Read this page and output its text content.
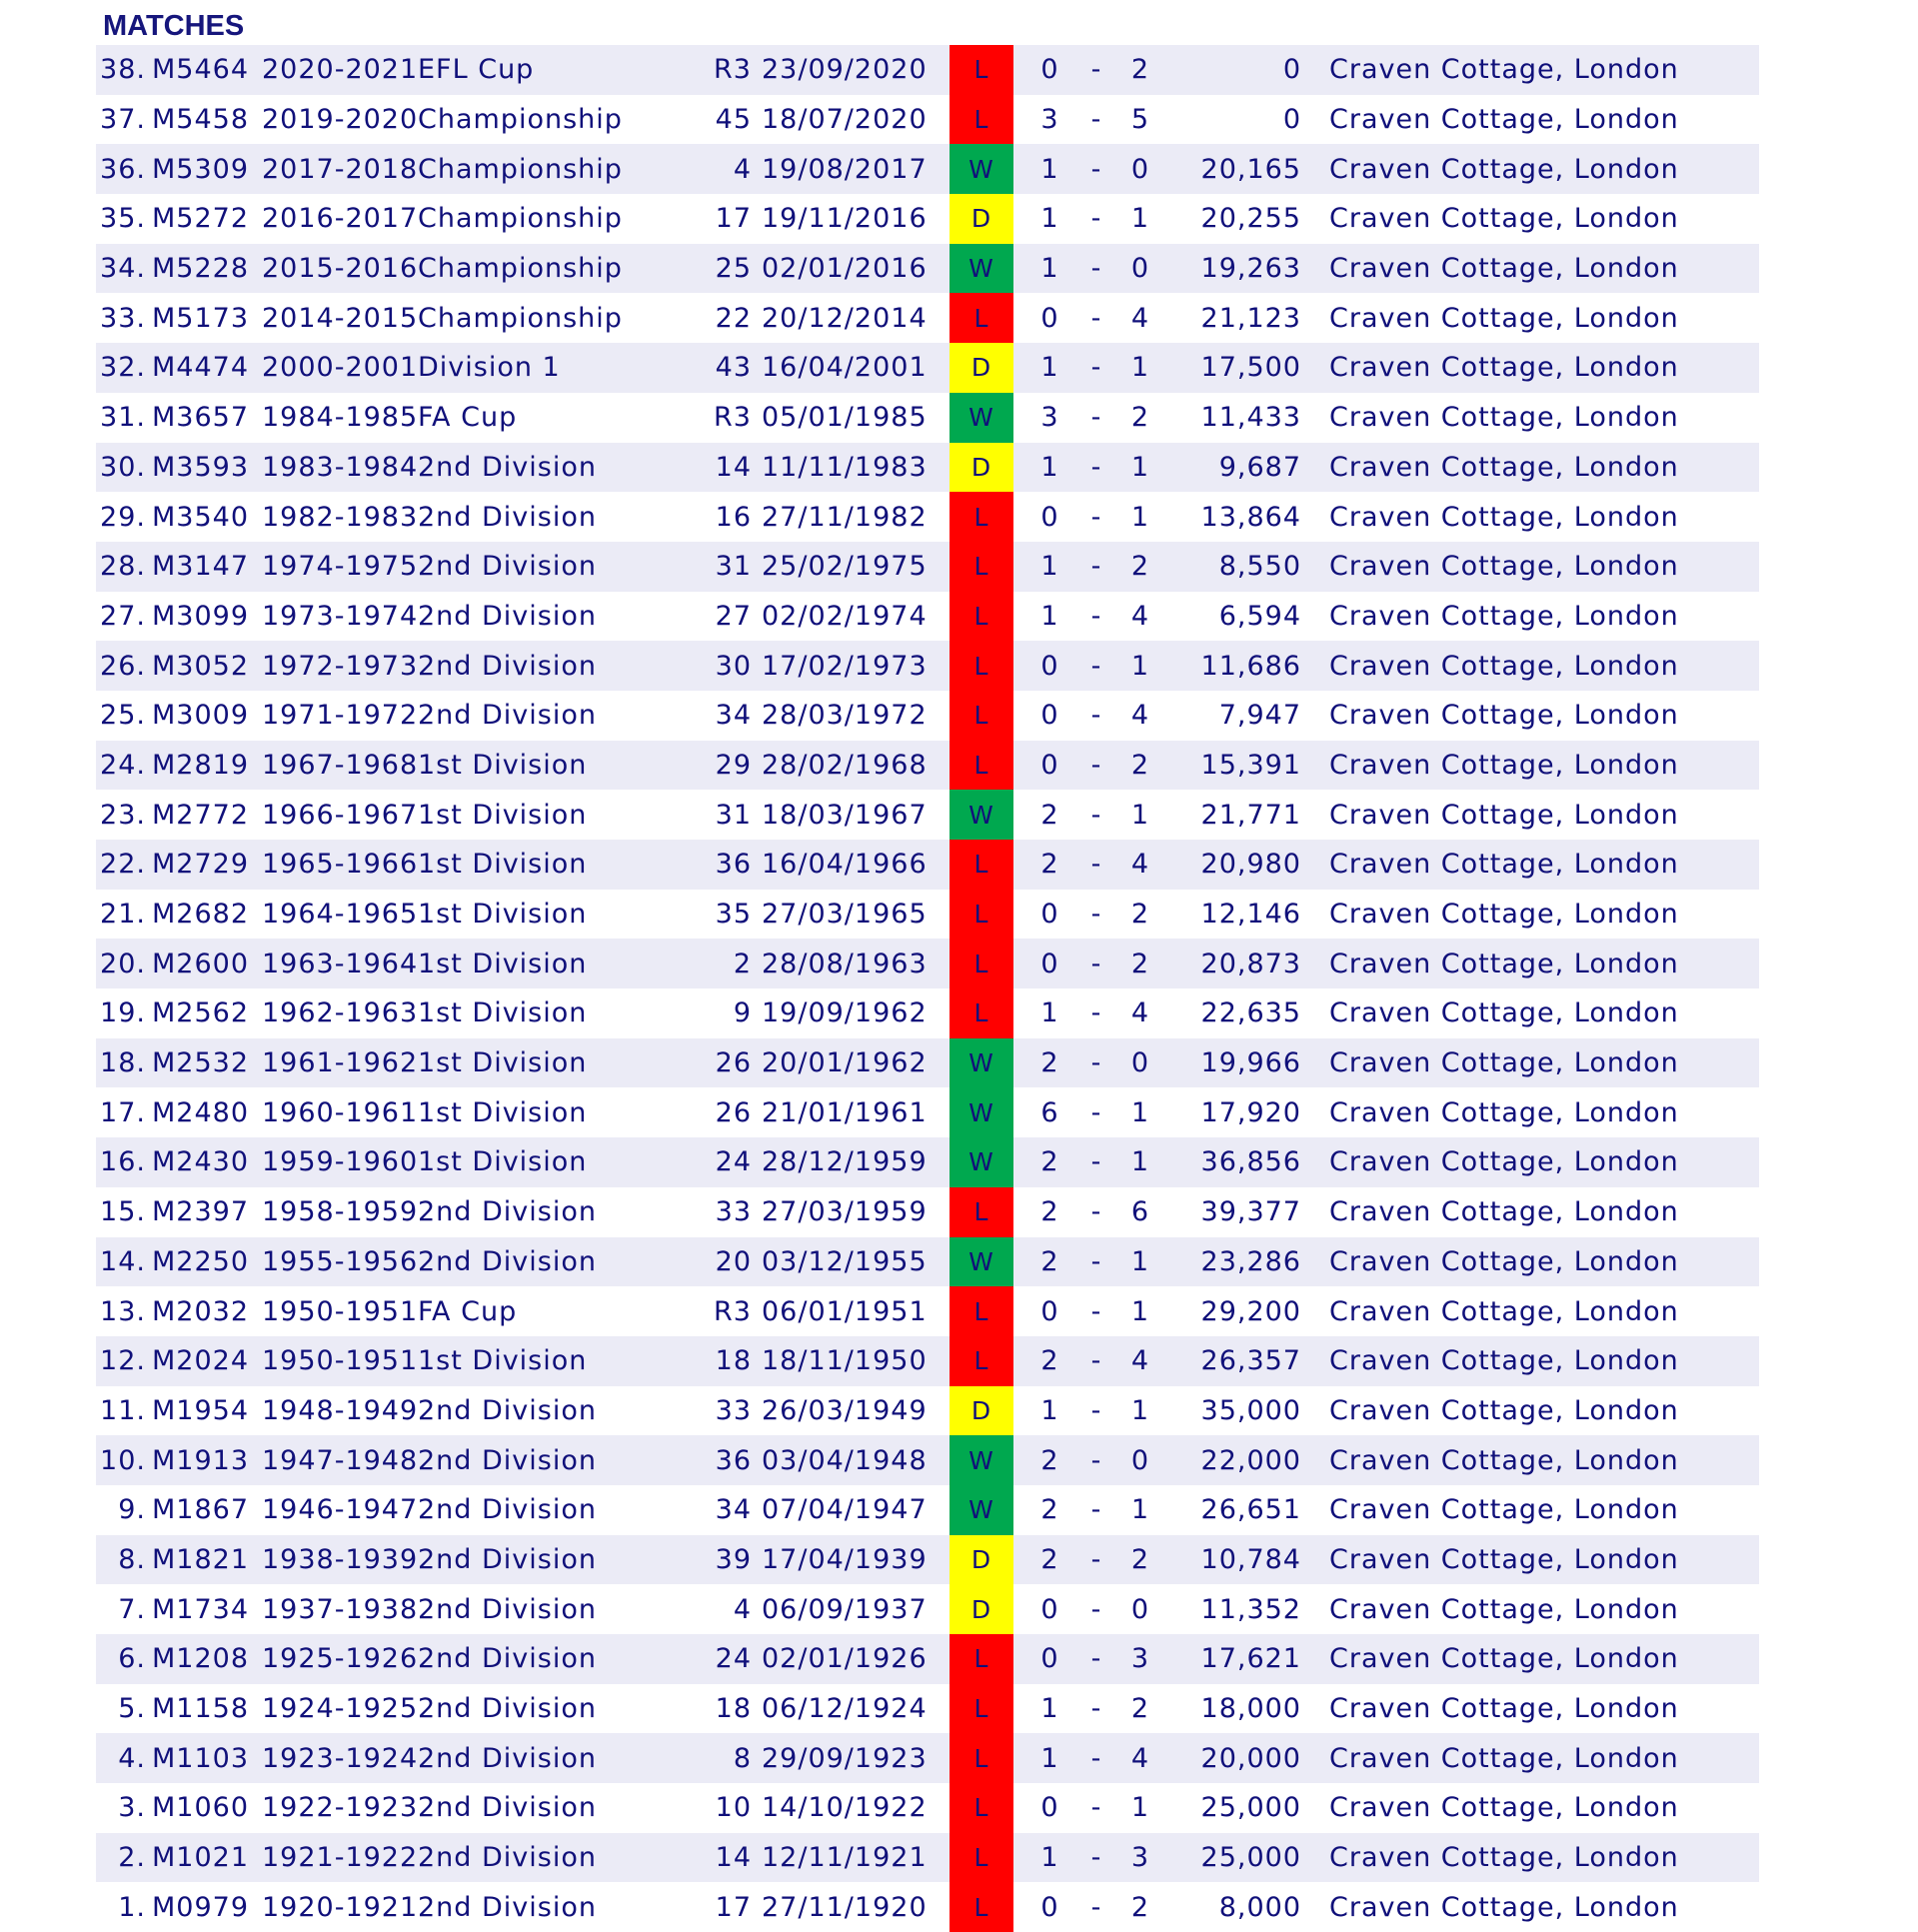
MATCHES
38.	M5464	2020-2021	EFL Cup	R3	23/09/2020	L	0	-	2	0	Craven Cottage, London
37.	M5458	2019-2020	Championship	45	18/07/2020	L	3	-	5	0	Craven Cottage, London
36.	M5309	2017-2018	Championship	4	19/08/2017	W	1	-	0	20,165	Craven Cottage, London
35.	M5272	2016-2017	Championship	17	19/11/2016	D	1	-	1	20,255	Craven Cottage, London
34.	M5228	2015-2016	Championship	25	02/01/2016	W	1	-	0	19,263	Craven Cottage, London
33.	M5173	2014-2015	Championship	22	20/12/2014	L	0	-	4	21,123	Craven Cottage, London
32.	M4474	2000-2001	Division 1	43	16/04/2001	D	1	-	1	17,500	Craven Cottage, London
31.	M3657	1984-1985	FA Cup	R3	05/01/1985	W	3	-	2	11,433	Craven Cottage, London
30.	M3593	1983-1984	2nd Division	14	11/11/1983	D	1	-	1	9,687	Craven Cottage, London
29.	M3540	1982-1983	2nd Division	16	27/11/1982	L	0	-	1	13,864	Craven Cottage, London
28.	M3147	1974-1975	2nd Division	31	25/02/1975	L	1	-	2	8,550	Craven Cottage, London
27.	M3099	1973-1974	2nd Division	27	02/02/1974	L	1	-	4	6,594	Craven Cottage, London
26.	M3052	1972-1973	2nd Division	30	17/02/1973	L	0	-	1	11,686	Craven Cottage, London
25.	M3009	1971-1972	2nd Division	34	28/03/1972	L	0	-	4	7,947	Craven Cottage, London
24.	M2819	1967-1968	1st Division	29	28/02/1968	L	0	-	2	15,391	Craven Cottage, London
23.	M2772	1966-1967	1st Division	31	18/03/1967	W	2	-	1	21,771	Craven Cottage, London
22.	M2729	1965-1966	1st Division	36	16/04/1966	L	2	-	4	20,980	Craven Cottage, London
21.	M2682	1964-1965	1st Division	35	27/03/1965	L	0	-	2	12,146	Craven Cottage, London
20.	M2600	1963-1964	1st Division	2	28/08/1963	L	0	-	2	20,873	Craven Cottage, London
19.	M2562	1962-1963	1st Division	9	19/09/1962	L	1	-	4	22,635	Craven Cottage, London
18.	M2532	1961-1962	1st Division	26	20/01/1962	W	2	-	0	19,966	Craven Cottage, London
17.	M2480	1960-1961	1st Division	26	21/01/1961	W	6	-	1	17,920	Craven Cottage, London
16.	M2430	1959-1960	1st Division	24	28/12/1959	W	2	-	1	36,856	Craven Cottage, London
15.	M2397	1958-1959	2nd Division	33	27/03/1959	L	2	-	6	39,377	Craven Cottage, London
14.	M2250	1955-1956	2nd Division	20	03/12/1955	W	2	-	1	23,286	Craven Cottage, London
13.	M2032	1950-1951	FA Cup	R3	06/01/1951	L	0	-	1	29,200	Craven Cottage, London
12.	M2024	1950-1951	1st Division	18	18/11/1950	L	2	-	4	26,357	Craven Cottage, London
11.	M1954	1948-1949	2nd Division	33	26/03/1949	D	1	-	1	35,000	Craven Cottage, London
10.	M1913	1947-1948	2nd Division	36	03/04/1948	W	2	-	0	22,000	Craven Cottage, London
9.	M1867	1946-1947	2nd Division	34	07/04/1947	W	2	-	1	26,651	Craven Cottage, London
8.	M1821	1938-1939	2nd Division	39	17/04/1939	D	2	-	2	10,784	Craven Cottage, London
7.	M1734	1937-1938	2nd Division	4	06/09/1937	D	0	-	0	11,352	Craven Cottage, London
6.	M1208	1925-1926	2nd Division	24	02/01/1926	L	0	-	3	17,621	Craven Cottage, London
5.	M1158	1924-1925	2nd Division	18	06/12/1924	L	1	-	2	18,000	Craven Cottage, London
4.	M1103	1923-1924	2nd Division	8	29/09/1923	L	1	-	4	20,000	Craven Cottage, London
3.	M1060	1922-1923	2nd Division	10	14/10/1922	L	0	-	1	25,000	Craven Cottage, London
2.	M1021	1921-1922	2nd Division	14	12/11/1921	L	1	-	3	25,000	Craven Cottage, London
1.	M0979	1920-1921	2nd Division	17	27/11/1920	L	0	-	2	8,000	Craven Cottage, London
